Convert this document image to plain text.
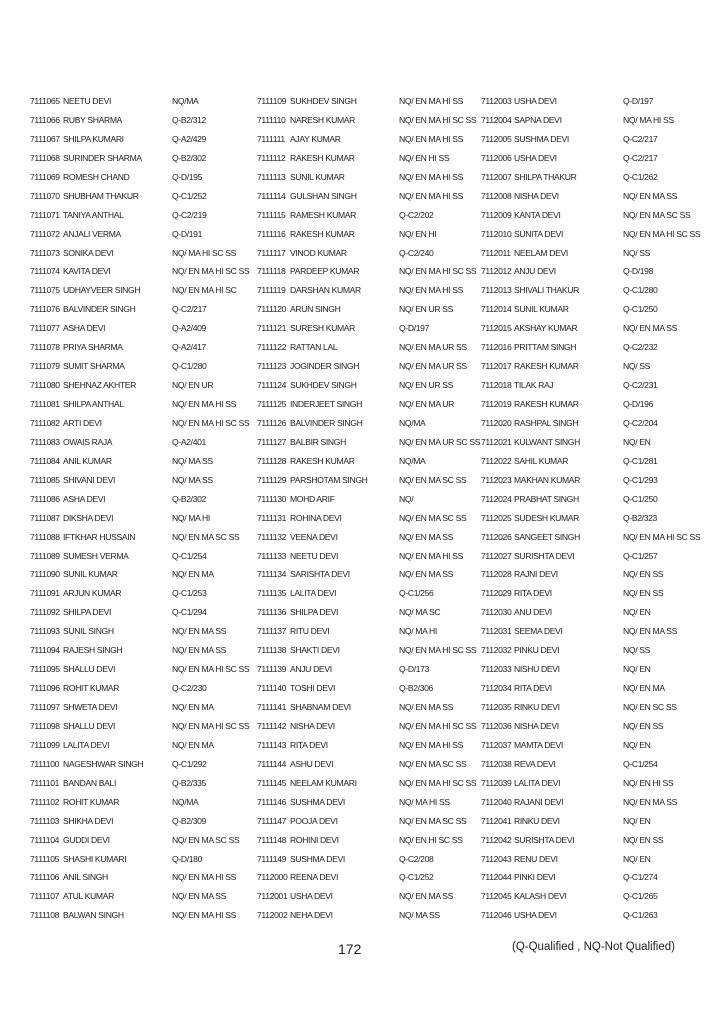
7111065 NEETU DEVI	NQ/MA
7111066 RUBY SHARMA	Q-B2/312
7111067 SHILPA KUMARI	Q-A2/429
7111068 SURINDER SHARMA	Q-B2/302
7111069 ROMESH CHAND	Q-D/195
7111070 SHUBHAM THAKUR	Q-C1/252
7111071 TANIYA ANTHAL	Q-C2/219
7111072 ANJALI VERMA	Q-D/191
7111073 SONIKA DEVI	NQ/ MA HI SC SS
7111074 KAVITA DEVI	NQ/ EN MA HI SC SS
7111075 UDHAYVEER SINGH	NQ/ EN MA HI SC
7111076 BALVINDER SINGH	Q-C2/217
7111077 ASHA DEVI	Q-A2/409
7111078 PRIYA SHARMA	Q-A2/417
7111079 SUMIT SHARMA	Q-C1/280
7111080 SHEHNAZ AKHTER	NQ/ EN UR
7111081 SHILPA ANTHAL	NQ/ EN MA HI SS
7111082 ARTI DEVI	NQ/ EN MA HI SC SS
7111083 OWAIS RAJA	Q-A2/401
7111084 ANIL KUMAR	NQ/ MA SS
7111085 SHIVANI DEVI	NQ/ MA SS
7111086 ASHA DEVI	Q-B2/302
7111087 DIKSHA DEVI	NQ/ MA HI
7111088 IFTKHAR HUSSAIN	NQ/ EN MA SC SS
7111089 SUMESH VERMA	Q-C1/254
7111090 SUNIL KUMAR	NQ/ EN MA
7111091 ARJUN KUMAR	Q-C1/253
7111092 SHILPA DEVI	Q-C1/294
7111093 SUNIL SINGH	NQ/ EN MA SS
7111094 RAJESH SINGH	NQ/ EN MA SS
7111095 SHALLU DEVI	NQ/ EN MA HI SC SS
7111096 ROHIT KUMAR	Q-C2/230
7111097 SHWETA DEVI	NQ/ EN MA
7111098 SHALLU DEVI	NQ/ EN MA HI SC SS
7111099 LALITA DEVI	NQ/ EN MA
7111100 NAGESHWAR SINGH	Q-C1/292
7111101 BANDAN BALI	Q-B2/335
7111102 ROHIT KUMAR	NQ/MA
7111103 SHIKHA DEVI	Q-B2/309
7111104 GUDDI DEVI	NQ/ EN MA SC SS
7111105 SHASHI KUMARI	Q-D/180
7111106 ANIL SINGH	NQ/ EN MA HI SS
7111107 ATUL KUMAR	NQ/ EN MA SS
7111108 BALWAN SINGH	NQ/ EN MA HI SS
7111109 SUKHDEV SINGH	NQ/ EN MA HI SS
7111110 NARESH KUMAR	NQ/ EN MA HI SC SS
7111111 AJAY KUMAR	NQ/ EN MA HI SS
7111112 RAKESH KUMAR	NQ/ EN HI SS
7111113 SUNIL KUMAR	NQ/ EN MA HI SS
7111114 GULSHAN SINGH	NQ/ EN MA HI SS
7111115 RAMESH KUMAR	Q-C2/202
7111116 RAKESH KUMAR	NQ/ EN HI
7111117 VINOD KUMAR	Q-C2/240
7111118 PARDEEP KUMAR	NQ/ EN MA HI SC SS
7111119 DARSHAN KUMAR	NQ/ EN MA HI SS
7111120 ARUN SINGH	NQ/ EN UR SS
7111121 SURESH KUMAR	Q-D/197
7111122 RATTAN LAL	NQ/ EN MA UR SS
7111123 JOGINDER SINGH	NQ/ EN MA UR SS
7111124 SUKHDEV SINGH	NQ/ EN UR SS
7111125 INDERJEET SINGH	NQ/ EN MA UR
7111126 BALVINDER SINGH	NQ/MA
7111127 BALBIR SINGH	NQ/ EN MA UR SC SS
7111128 RAKESH KUMAR	NQ/MA
7111129 PARSHOTAM SINGH	NQ/ EN MA SC SS
7111130 MOHD ARIF	NQ/
7111131 ROHINA DEVI	NQ/ EN MA SC SS
7111132 VEENA DEVI	NQ/ EN MA SS
7111133 NEETU DEVI	NQ/ EN MA HI SS
7111134 SARISHTA DEVI	NQ/ EN MA SS
7111135 LALITA DEVI	Q-C1/256
7111136 SHILPA DEVI	NQ/ MA SC
7111137 RITU DEVI	NQ/ MA HI
7111138 SHAKTI DEVI	NQ/ EN MA HI SC SS
7111139 ANJU DEVI	Q-D/173
7111140 TOSHI DEVI	Q-B2/306
7111141 SHABNAM DEVI	NQ/ EN MA SS
7111142 NISHA DEVI	NQ/ EN MA HI SC SS
7111143 RITA DEVI	NQ/ EN MA HI SS
7111144 ASHU DEVI	NQ/ EN MA SC SS
7111145 NEELAM KUMARI	NQ/ EN MA HI SC SS
7111146 SUSHMA DEVI	NQ/ MA HI SS
7111147 POOJA DEVI	NQ/ EN MA SC SS
7111148 ROHINI DEVI	NQ/ EN HI SC SS
7111149 SUSHMA DEVI	Q-C2/208
7112000 REENA DEVI	Q-C1/252
7112001 USHA DEVI	NQ/ EN MA SS
7112002 NEHA DEVI	NQ/ MA SS
7112003 USHA DEVI	Q-D/197
7112004 SAPNA DEVI	NQ/ MA HI SS
7112005 SUSHMA DEVI	Q-C2/217
7112006 USHA DEVI	Q-C2/217
7112007 SHILPA THAKUR	Q-C1/262
7112008 NISHA DEVI	NQ/ EN MA SS
7112009 KANTA DEVI	NQ/ EN MA SC SS
7112010 SUNITA DEVI	NQ/ EN MA HI SC SS
7112011 NEELAM DEVI	NQ/ SS
7112012 ANJU DEVI	Q-D/198
7112013 SHIVALI THAKUR	Q-C1/280
7112014 SUNIL KUMAR	Q-C1/250
7112015 AKSHAY KUMAR	NQ/ EN MA SS
7112016 PRITTAM SINGH	Q-C2/232
7112017 RAKESH KUMAR	NQ/ SS
7112018 TILAK RAJ	Q-C2/231
7112019 RAKESH KUMAR	Q-D/196
7112020 RASHPAL SINGH	Q-C2/204
7112021 KULWANT SINGH	NQ/ EN
7112022 SAHIL KUMAR	Q-C1/281
7112023 MAKHAN KUMAR	Q-C1/293
7112024 PRABHAT SINGH	Q-C1/250
7112025 SUDESH KUMAR	Q-B2/323
7112026 SANGEET SINGH	NQ/ EN MA HI SC SS
7112027 SURISHTA DEVI	Q-C1/257
7112028 RAJNI DEVI	NQ/ EN SS
7112029 RITA DEVI	NQ/ EN SS
7112030 ANU DEVI	NQ/ EN
7112031 SEEMA DEVI	NQ/ EN MA SS
7112032 PINKU DEVI	NQ/ SS
7112033 NISHU DEVI	NQ/ EN
7112034 RITA DEVI	NQ/ EN MA
7112035 RINKU DEVI	NQ/ EN SC SS
7112036 NISHA DEVI	NQ/ EN SS
7112037 MAMTA DEVI	NQ/ EN
7112038 REVA DEVI	Q-C1/254
7112039 LALITA DEVI	NQ/ EN HI SS
7112040 RAJANI DEVI	NQ/ EN MA SS
7112041 RINKU DEVI	NQ/ EN
7112042 SURISHTA DEVI	NQ/ EN SS
7112043 RENU DEVI	NQ/ EN
7112044 PINKI DEVI	Q-C1/274
7112045 KALASH DEVI	Q-C1/265
7112046 USHA DEVI	Q-C1/263
172	(Q-Qualified , NQ-Not Qualified)
